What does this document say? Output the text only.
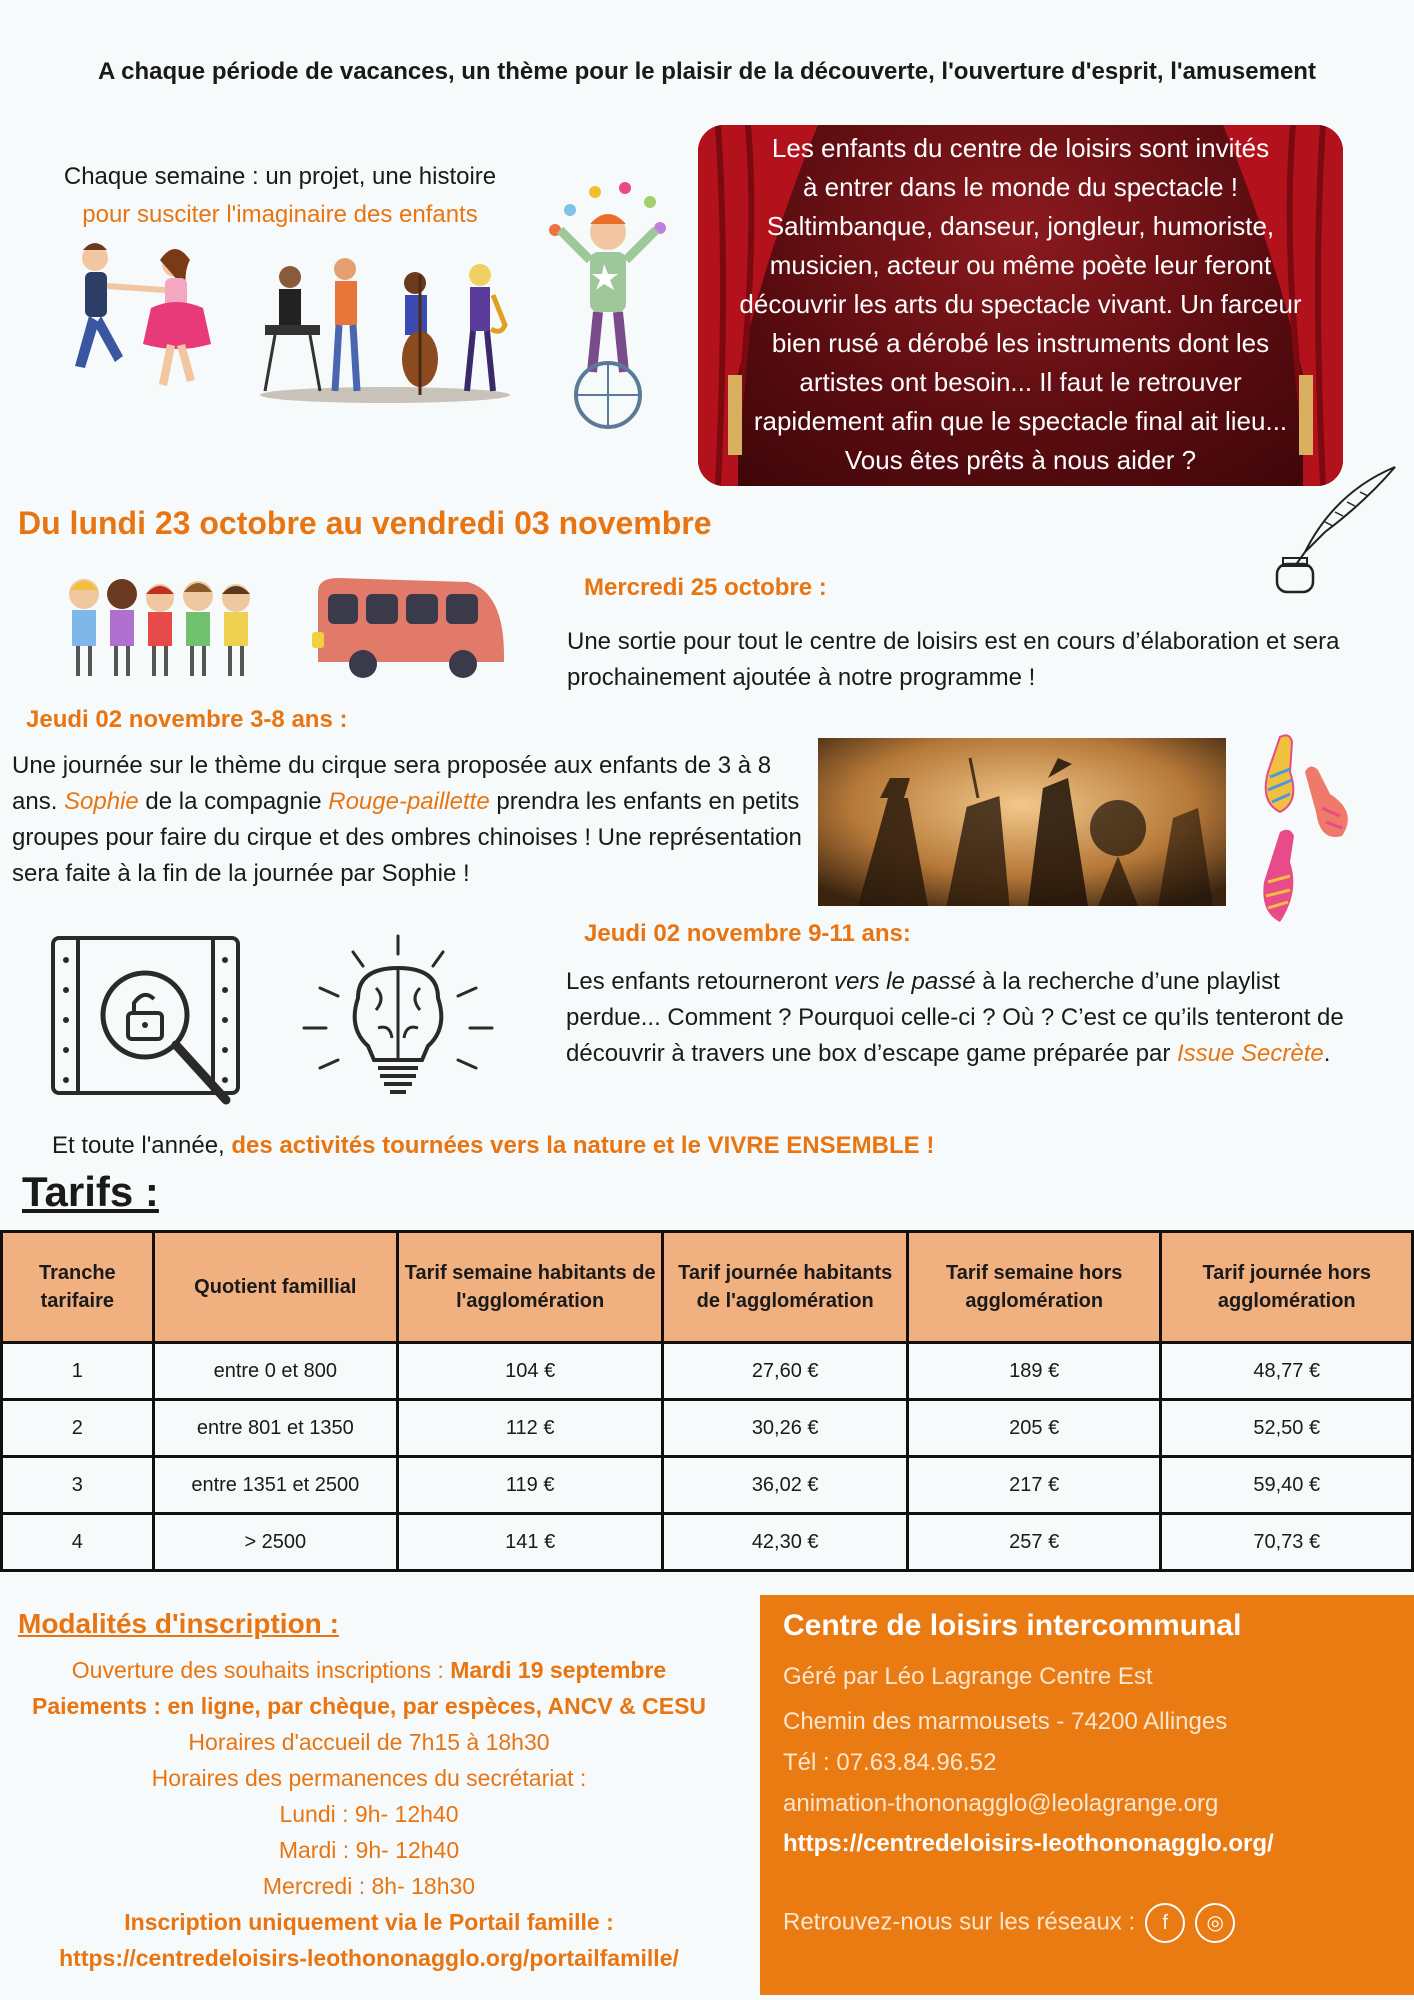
A chaque période de vacances, un thème pour le plaisir de la découverte, l'ouverture d'esprit, l'amusement
Chaque semaine : un projet, une histoire
pour susciter l'imaginaire des enfants
Les enfants du centre de loisirs sont invités
à entrer dans le monde du spectacle !
Saltimbanque, danseur, jongleur, humoriste,
musicien, acteur ou même poète leur feront
découvrir les arts du spectacle vivant. Un farceur
bien rusé a dérobé les instruments dont les
artistes ont besoin... Il faut le retrouver
rapidement afin que le spectacle final ait lieu...
Vous êtes prêts à nous aider ?
Du lundi 23 octobre au vendredi 03 novembre
Mercredi 25 octobre :
Une sortie pour tout le centre de loisirs est en cours d’élaboration et sera prochainement ajoutée à notre programme !
Jeudi 02 novembre 3-8 ans :
Une journée sur le thème du cirque sera proposée aux enfants de 3 à 8 ans. Sophie de la compagnie Rouge-paillette prendra les enfants en petits groupes pour faire du cirque et des ombres chinoises ! Une représentation sera faite à la fin de la journée par Sophie !
Jeudi 02 novembre 9-11 ans:
Les enfants retourneront vers le passé à la recherche d’une playlist perdue... Comment ? Pourquoi celle-ci ? Où ? C’est ce qu’ils tenteront de découvrir à travers une box d’escape game préparée par Issue Secrète.
Et toute l'année, des activités tournées vers la nature et le VIVRE ENSEMBLE !
Tarifs :
Tranche tarifaire	Quotient famillial	Tarif semaine habitants de l'agglomération	Tarif journée habitants de l'agglomération	Tarif semaine hors agglomération	Tarif journée hors agglomération
1	entre 0 et 800	104 €	27,60 €	189 €	48,77 €
2	entre 801 et 1350	112 €	30,26 €	205 €	52,50 €
3	entre 1351 et 2500	119 €	36,02 €	217 €	59,40 €
4	> 2500	141 €	42,30 €	257 €	70,73 €
Modalités d'inscription :
Ouverture des souhaits inscriptions : Mardi 19 septembre
Paiements : en ligne, par chèque, par espèces, ANCV & CESU
Horaires d'accueil de 7h15 à 18h30
Horaires des permanences du secrétariat :
Lundi : 9h- 12h40
Mardi : 9h- 12h40
Mercredi : 8h- 18h30
Inscription uniquement via le Portail famille :
https://centredeloisirs-leothononagglo.org/portailfamille/
Centre de loisirs intercommunal
Géré par Léo Lagrange Centre Est
Chemin des marmousets - 74200 Allinges
Tél : 07.63.84.96.52
animation-thononagglo@leolagrange.org
https://centredeloisirs-leothononagglo.org/
Retrouvez-nous sur les réseaux : f ◎
